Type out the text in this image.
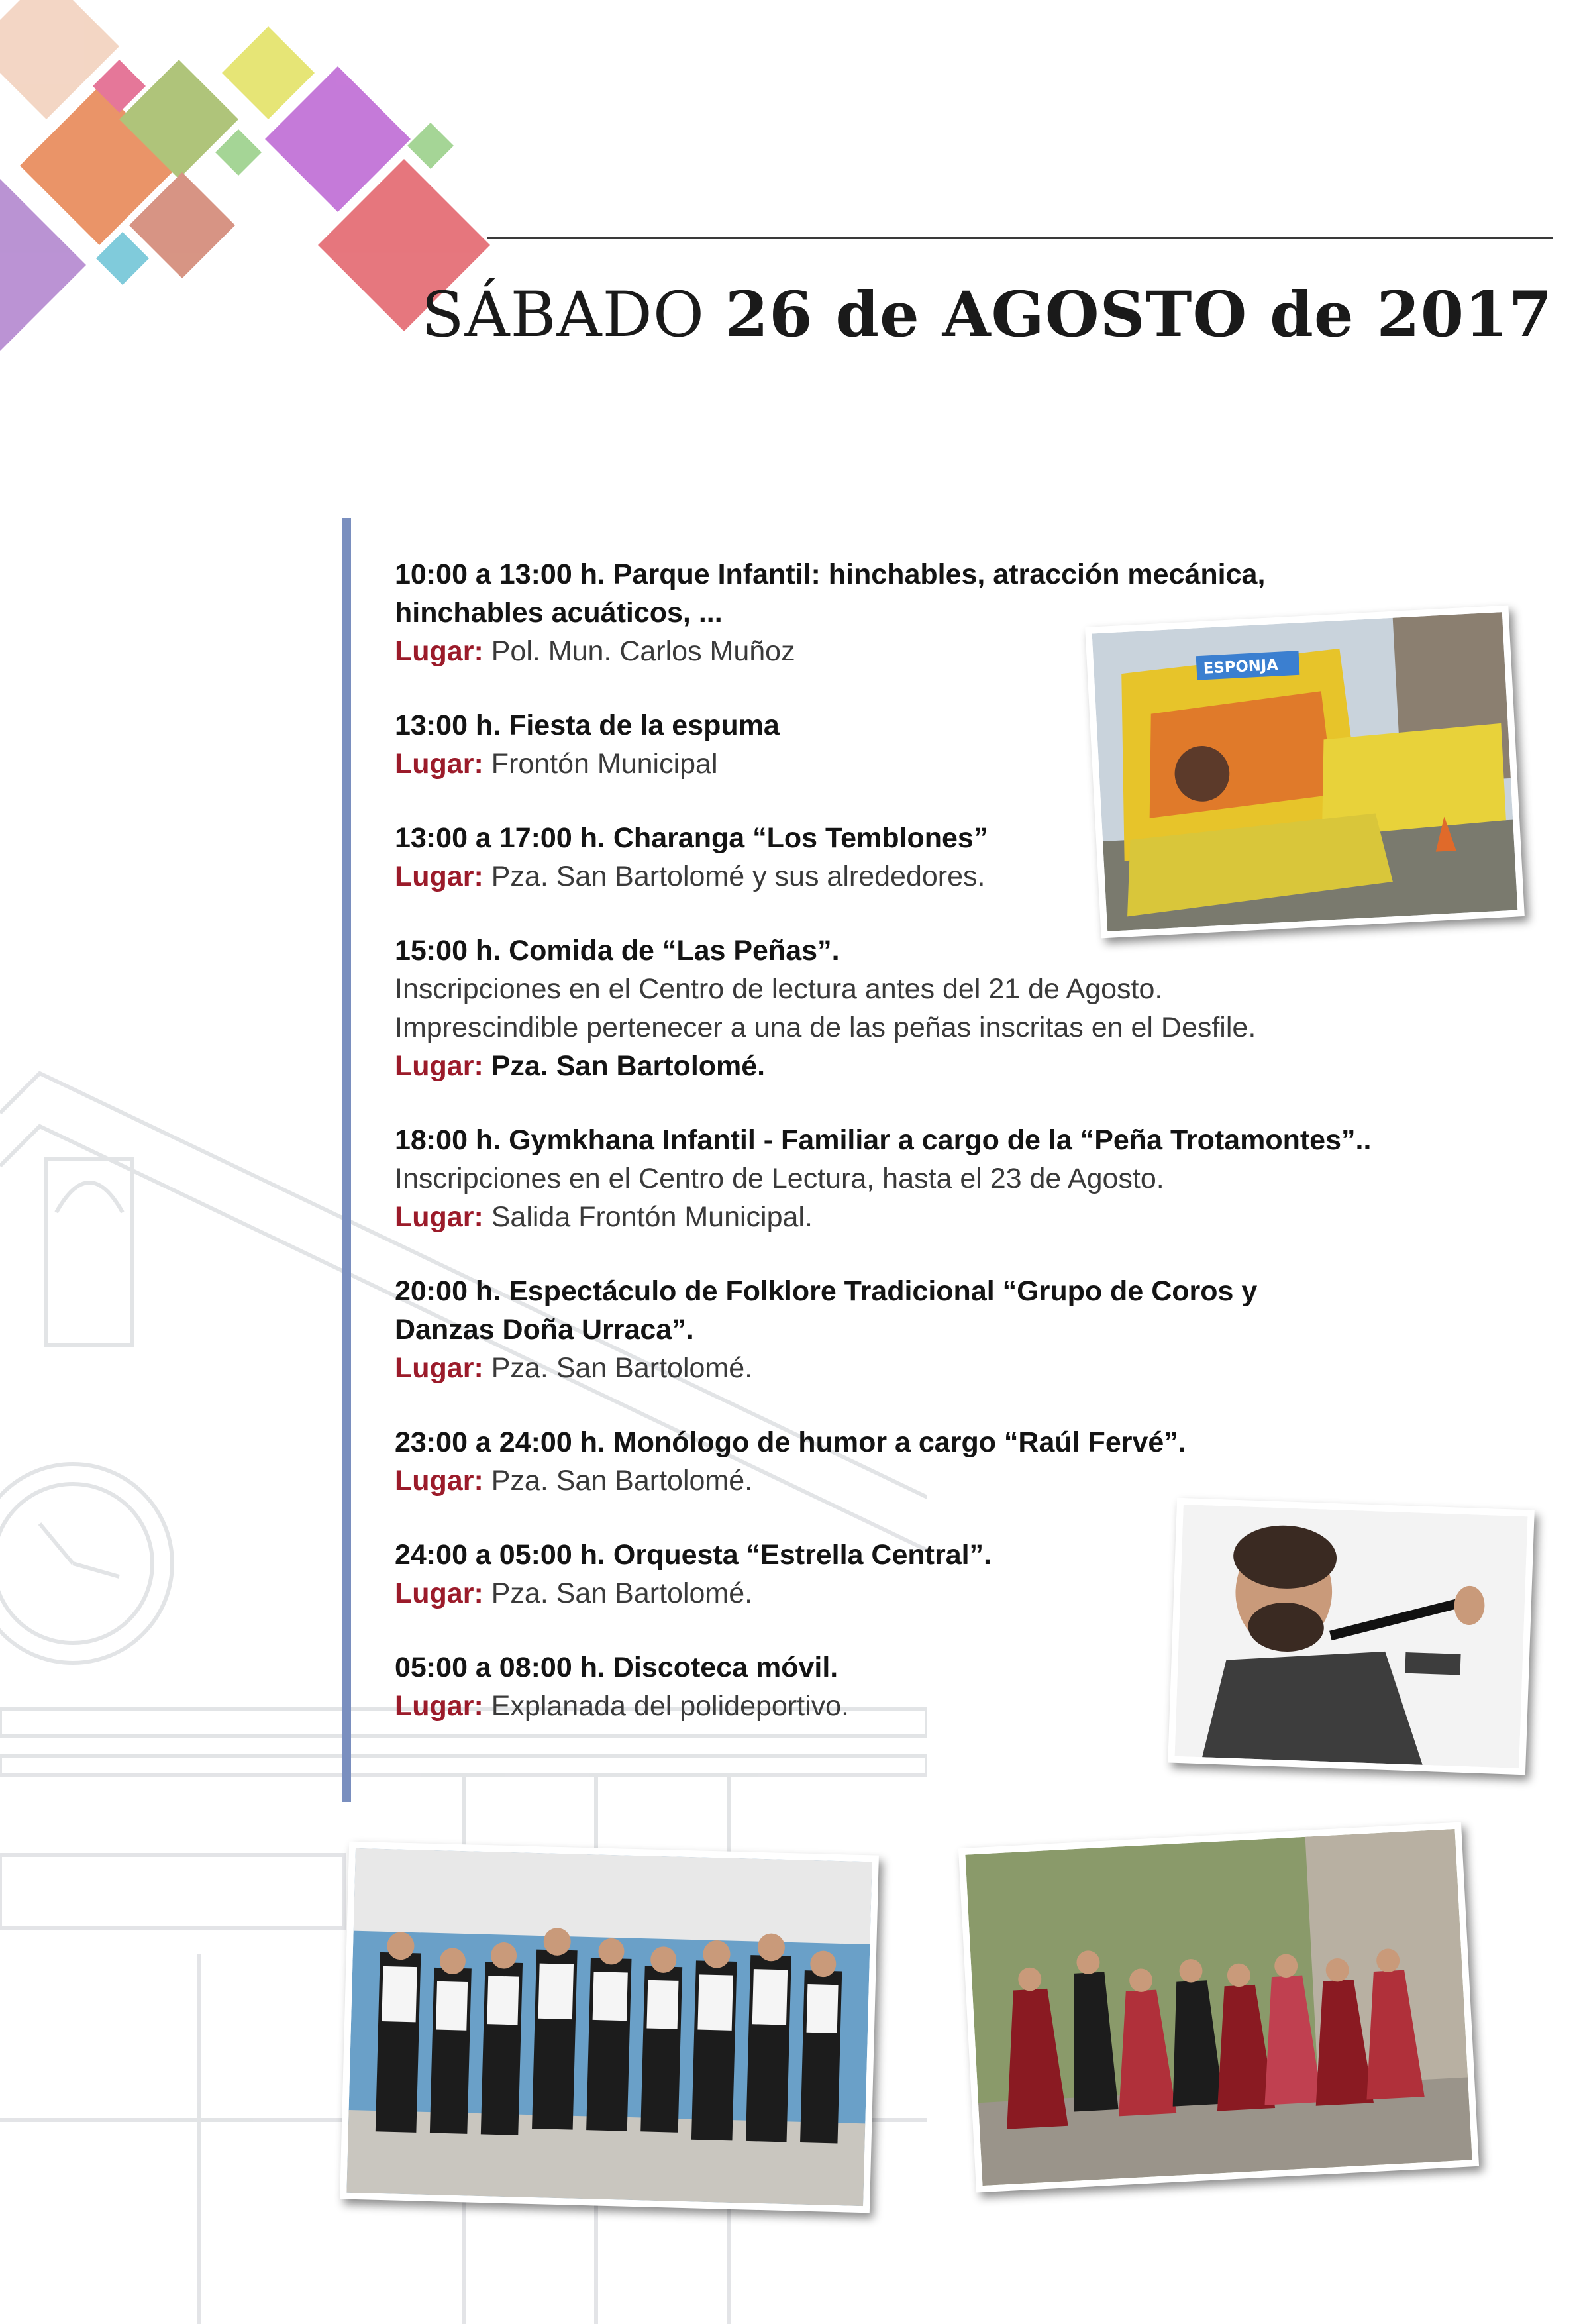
SÁBADO 26 de AGOSTO de 2017

10:00 a 13:00 h. Parque Infantil: hinchables, atracción mecánica,

hinchables acuáticos, ...

Lugar: Pol. Mun. Carlos Muñoz

13:00 h. Fiesta de la espuma

Lugar: Frontón Municipal

13:00 a 17:00 h. Charanga “Los Temblones”

Lugar: Pza. San Bartolomé y sus alrededores.

15:00 h. Comida de “Las Peñas”.

Inscripciones en el Centro de lectura antes del 21 de Agosto.

Imprescindible pertenecer a una de las peñas inscritas en el Desfile.

Lugar: Pza. San Bartolomé.

18:00 h. Gymkhana Infantil - Familiar a cargo de la “Peña Trotamontes”..

Inscripciones en el Centro de Lectura, hasta el 23 de Agosto.

Lugar: Salida Frontón Municipal.

20:00 h. Espectáculo de Folklore Tradicional “Grupo de Coros y

Danzas Doña Urraca”.

Lugar: Pza. San Bartolomé.

23:00 a 24:00 h. Monólogo de humor a cargo “Raúl Fervé”.

Lugar: Pza. San Bartolomé.

24:00 a 05:00 h. Orquesta “Estrella Central”.

Lugar: Pza. San Bartolomé.

05:00 a 08:00 h. Discoteca móvil.

Lugar: Explanada del polideportivo.

ESPONJA
